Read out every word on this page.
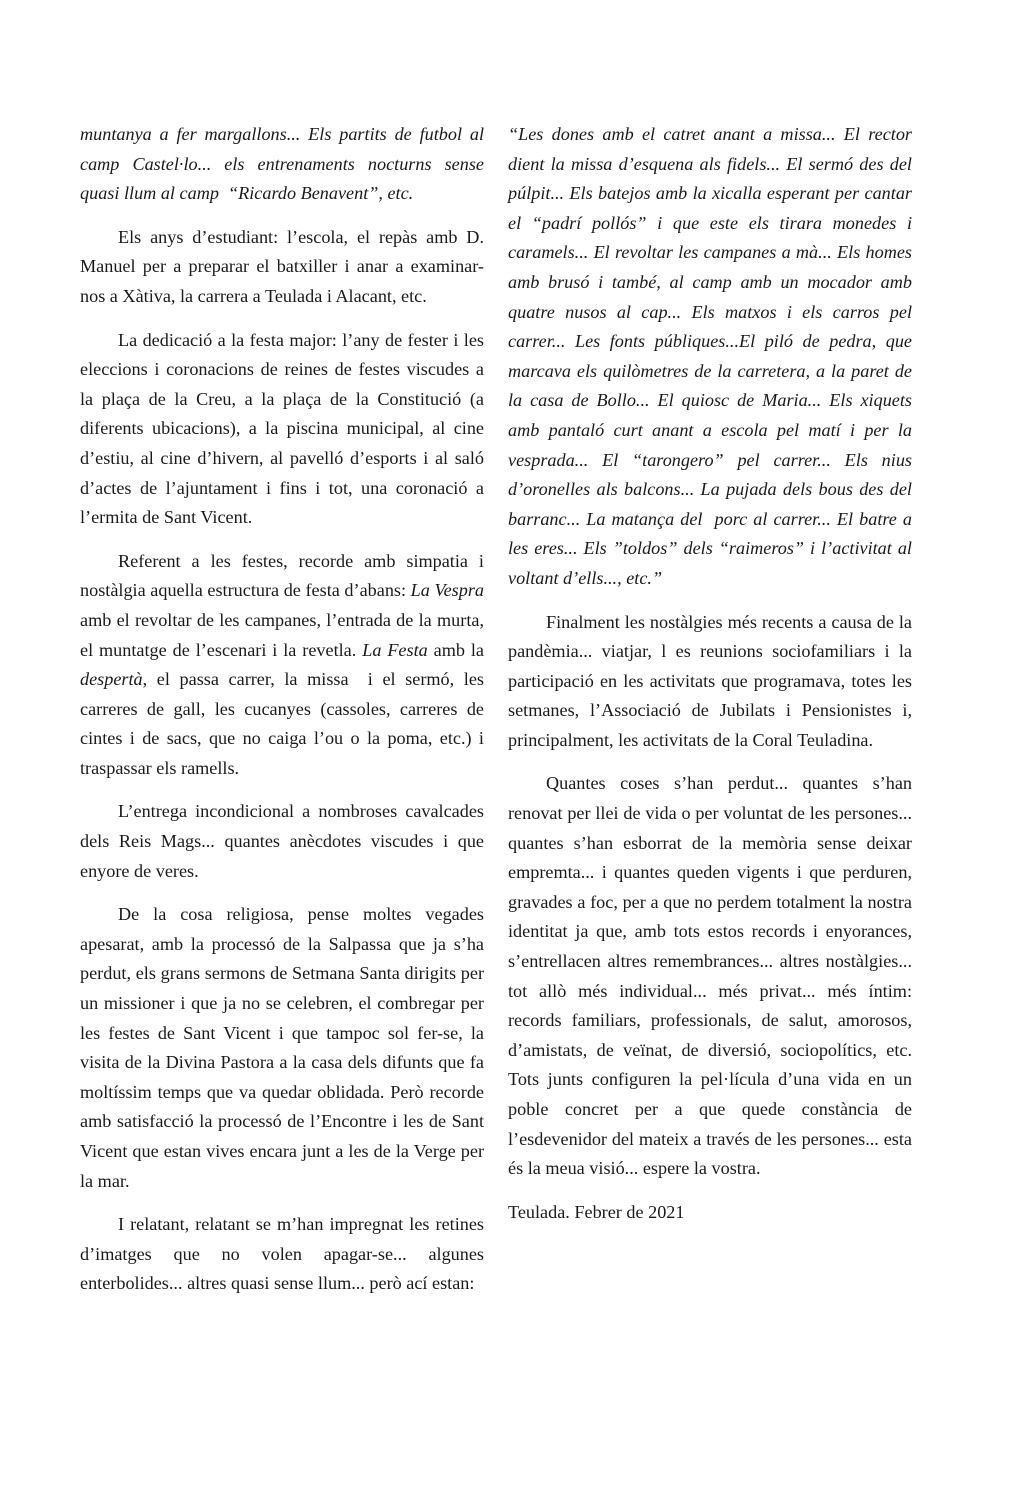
muntanya a fer margallons... Els partits de futbol al camp Castel·lo... els entrenaments nocturns sense quasi llum al camp  “Ricardo Benavent”, etc.

Els anys d’estudiant: l’escola, el repàs amb D. Manuel per a preparar el batxiller i anar a examinar-nos a Xàtiva, la carrera a Teulada i Alacant, etc.

La dedicació a la festa major: l’any de fester i les eleccions i coronacions de reines de festes viscudes a la plaça de la Creu, a la plaça de la Constitució (a diferents ubicacions), a la piscina municipal, al cine d’estiu, al cine d’hivern, al pavelló d’esports i al saló d’actes de l’ajuntament i fins i tot, una coronació a l’ermita de Sant Vicent.

Referent a les festes, recorde amb simpatia i nostàlgia aquella estructura de festa d’abans: La Vespra amb el revoltar de les campanes, l’entrada de la murta, el muntatge de l’escenari i la revetla. La Festa amb la despertà, el passa carrer, la missa  i el sermó, les carreres de gall, les cucanyes (cassoles, carreres de cintes i de sacs, que no caiga l’ou o la poma, etc.) i traspassar els ramells.

L’entrega incondicional a nombroses cavalcades dels Reis Mags... quantes anècdotes viscudes i que enyore de veres.

De la cosa religiosa, pense moltes vegades apesarat, amb la processó de la Salpassa que ja s’ha perdut, els grans sermons de Setmana Santa dirigits per un missioner i que ja no se celebren, el combregar per les festes de Sant Vicent i que tampoc sol fer-se, la visita de la Divina Pastora a la casa dels difunts que fa moltíssim temps que va quedar oblidada. Però recorde amb satisfacció la processó de l’Encontre i les de Sant Vicent que estan vives encara junt a les de la Verge per la mar.

I relatant, relatant se m’han impregnat les retines d’imatges que no volen apagar-se... algunes enterbolides... altres quasi sense llum... però ací estan:

“Les dones amb el catret anant a missa... El rector dient la missa d’esquena als fidels... El sermó des del púlpit... Els batejos amb la xicalla esperant per cantar el “padrí pollós” i que este els tirara monedes i caramels... El revoltar les campanes a mà... Els homes amb brusó i també, al camp amb un mocador amb quatre nusos al cap... Els matxos i els carros pel carrer... Les fonts públiques...El piló de pedra, que marcava els quilòmetres de la carretera, a la paret de la casa de Bollo... El quiosc de Maria... Els xiquets amb pantaló curt anant a escola pel matí i per la vesprada... El “tarongero” pel carrer... Els nius d’oronelles als balcons... La pujada dels bous des del barranc... La matança del  porc al carrer... El batre a les eres... Els ”toldos” dels “raimeros” i l’activitat al voltant d’ells..., etc.”

Finalment les nostàlgies més recents a causa de la pandèmia... viatjar, l es reunions sociofamiliars i la participació en les activitats que programava, totes les setmanes, l’Associació de Jubilats i Pensionistes i, principalment, les activitats de la Coral Teuladina.

Quantes coses s’han perdut... quantes s’han renovat per llei de vida o per voluntat de les persones... quantes s’han esborrat de la memòria sense deixar empremta... i quantes queden vigents i que perduren, gravades a foc, per a que no perdem totalment la nostra identitat ja que, amb tots estos records i enyorances, s’entrellacen altres remembrances... altres nostàlgies... tot allò més individual... més privat... més íntim: records familiars, professionals, de salut, amorosos, d’amistats, de veïnat, de diversió, sociopolítics, etc. Tots junts configuren la pel·lícula d’una vida en un poble concret per a que quede constància de l’esdevenidor del mateix a través de les persones... esta és la meua visió... espere la vostra.

Teulada. Febrer de 2021
